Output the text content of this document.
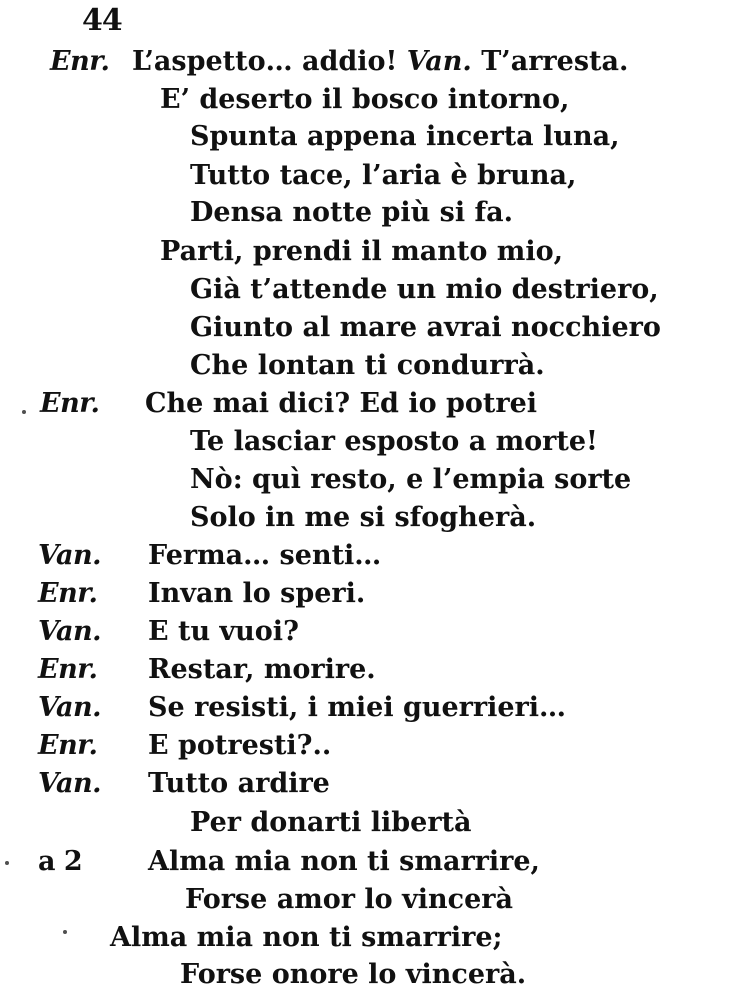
44
Enr. L’aspetto… addio! Van. T’arresta.
E’ deserto il bosco intorno,
Spunta appena incerta luna,
Tutto tace, l’aria è bruna,
Densa notte più si fa.
Parti, prendi il manto mio,
Già t’attende un mio destriero,
Giunto al mare avrai nocchiero
Che lontan ti condurrà.
Enr. Che mai dici? Ed io potrei
Te lasciar esposto a morte!
Nò: quì resto, e l’empia sorte
Solo in me si sfogherà.
Van. Ferma… senti…
Enr. Invan lo speri.
Van. E tu vuoi?
Enr. Restar, morire.
Van. Se resisti, i miei guerrieri…
Enr. E potresti?..
Van. Tutto ardire
Per donarti libertà
a 2 Alma mia non ti smarrire,
Forse amor lo vincerà
Alma mia non ti smarrire;
Forse onore lo vincerà.
